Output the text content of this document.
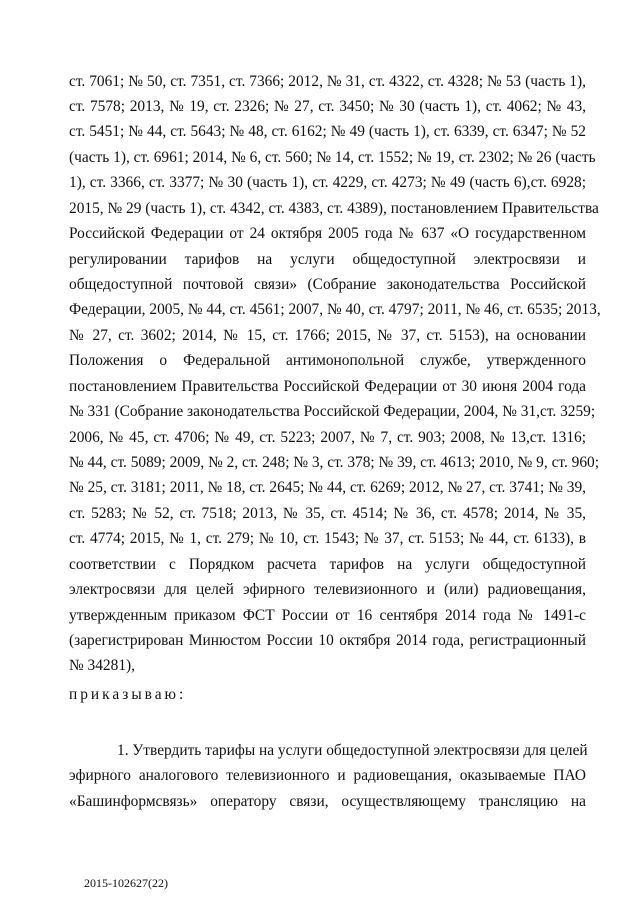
ст. 7061; № 50, ст. 7351, ст. 7366; 2012, № 31, ст. 4322, ст. 4328; № 53 (часть 1),
ст. 7578; 2013, № 19, ст. 2326; № 27, ст. 3450; № 30 (часть 1), ст. 4062; № 43,
ст. 5451; № 44, ст. 5643; № 48, ст. 6162; № 49 (часть 1), ст. 6339, ст. 6347; № 52
(часть 1), ст. 6961; 2014, № 6, ст. 560; № 14, ст. 1552; № 19, ст. 2302; № 26 (часть
1), ст. 3366, ст. 3377; № 30 (часть 1), ст. 4229, ст. 4273; № 49 (часть 6),ст. 6928;
2015, № 29 (часть 1), ст. 4342, ст. 4383, ст. 4389), постановлением Правительства
Российской Федерации от 24 октября 2005 года № 637 «О государственном
регулировании тарифов на услуги общедоступной электросвязи и
общедоступной почтовой связи» (Собрание законодательства Российской
Федерации, 2005, № 44, ст. 4561; 2007, № 40, ст. 4797; 2011, № 46, ст. 6535; 2013,
№ 27, ст. 3602; 2014, № 15, ст. 1766; 2015, № 37, ст. 5153), на основании
Положения о Федеральной антимонопольной службе, утвержденного
постановлением Правительства Российской Федерации от 30 июня 2004 года
№ 331 (Собрание законодательства Российской Федерации, 2004, № 31,ст. 3259;
2006, № 45, ст. 4706; № 49, ст. 5223; 2007, № 7, ст. 903; 2008, № 13,ст. 1316;
№ 44, ст. 5089; 2009, № 2, ст. 248; № 3, ст. 378; № 39, ст. 4613; 2010, № 9, ст. 960;
№ 25, ст. 3181; 2011, № 18, ст. 2645; № 44, ст. 6269; 2012, № 27, ст. 3741; № 39,
ст. 5283; № 52, ст. 7518; 2013, № 35, ст. 4514; № 36, ст. 4578; 2014, № 35,
ст. 4774; 2015, № 1, ст. 279; № 10, ст. 1543; № 37, ст. 5153; № 44, ст. 6133), в
соответствии с Порядком расчета тарифов на услуги общедоступной
электросвязи для целей эфирного телевизионного и (или) радиовещания,
утвержденным приказом ФСТ России от 16 сентября 2014 года № 1491-с
(зарегистрирован Минюстом России 10 октября 2014 года, регистрационный
№ 34281),
приказываю:
1. Утвердить тарифы на услуги общедоступной электросвязи для целей
эфирного аналогового телевизионного и радиовещания, оказываемые ПАО
«Башинформсвязь» оператору связи, осуществляющему трансляцию на
2015-102627(22)
